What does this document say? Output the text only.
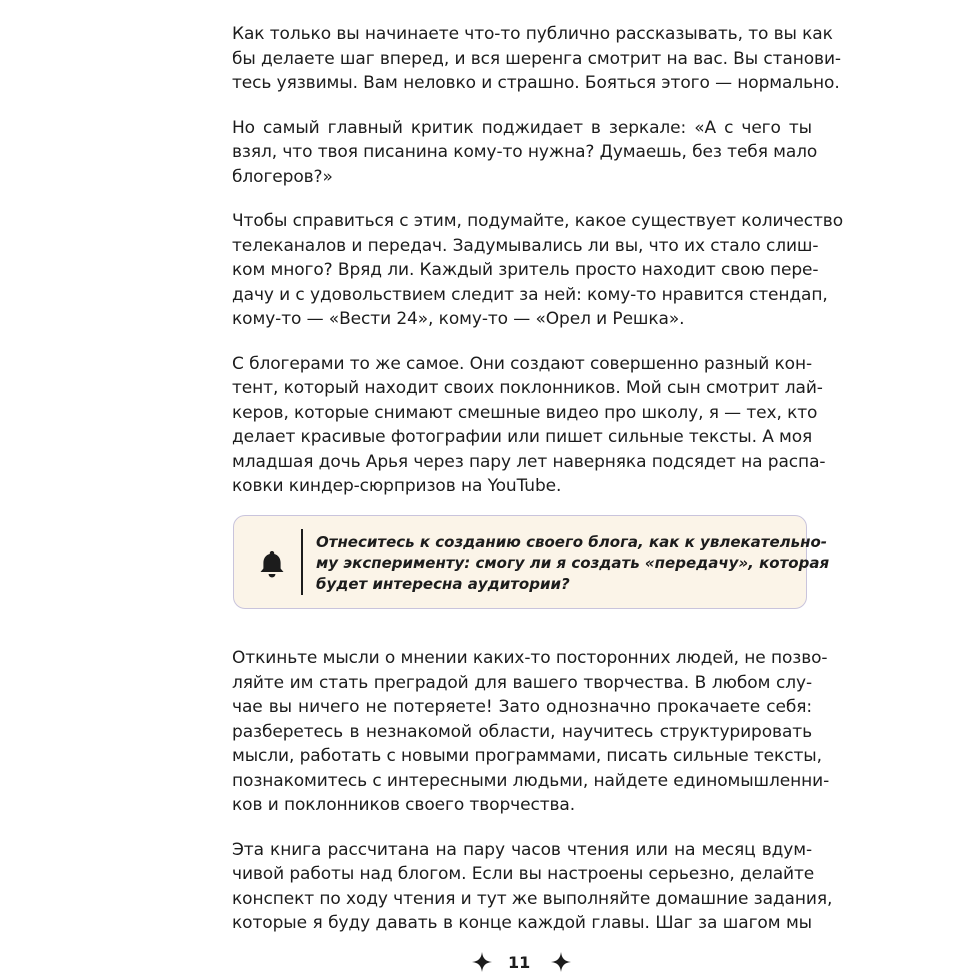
Как только вы начинаете что-то публично рассказывать, то вы как
бы делаете шаг вперед, и вся шеренга смотрит на вас. Вы станови-
тесь уязвимы. Вам неловко и страшно. Бояться этого — нормально.

Но самый главный критик поджидает в зеркале: «А с чего ты
взял, что твоя писанина кому-то нужна? Думаешь, без тебя мало
блогеров?»

Чтобы справиться с этим, подумайте, какое существует количество
телеканалов и передач. Задумывались ли вы, что их стало слиш-
ком много? Вряд ли. Каждый зритель просто находит свою пере-
дачу и с удовольствием следит за ней: кому-то нравится стендап,
кому-то — «Вести 24», кому-то — «Орел и Решка».

С блогерами то же самое. Они создают совершенно разный кон-
тент, который находит своих поклонников. Мой сын смотрит лай-
керов, которые снимают смешные видео про школу, я — тех, кто
делает красивые фотографии или пишет сильные тексты. А моя
младшая дочь Арья через пару лет наверняка подсядет на распа-
ковки киндер-сюрпризов на YouTube.

Отнеситесь к созданию своего блога, как к увлекательно-
му эксперименту: смогу ли я создать «передачу», которая
будет интересна аудитории?

Откиньте мысли о мнении каких-то посторонних людей, не позво-
ляйте им стать преградой для вашего творчества. В любом слу-
чае вы ничего не потеряете! Зато однозначно прокачаете себя:
разберетесь в незнакомой области, научитесь структурировать
мысли, работать с новыми программами, писать сильные тексты,
познакомитесь с интересными людьми, найдете единомышленни-
ков и поклонников своего творчества.

Эта книга рассчитана на пару часов чтения или на месяц вдум-
чивой работы над блогом. Если вы настроены серьезно, делайте
конспект по ходу чтения и тут же выполняйте домашние задания,
которые я буду давать в конце каждой главы. Шаг за шагом мы

11
